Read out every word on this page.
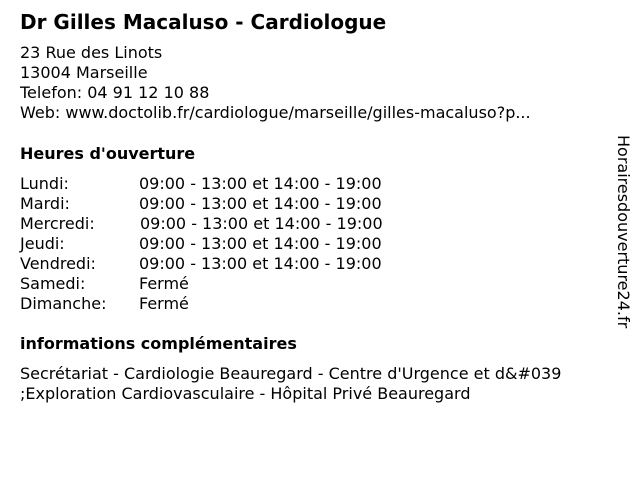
Dr Gilles Macaluso - Cardiologue
23 Rue des Linots
13004 Marseille
Telefon: 04 91 12 10 88
Web: www.doctolib.fr/cardiologue/marseille/gilles-macaluso?p...
Heures d'ouverture
Lundi:	09:00 - 13:00 et 14:00 - 19:00
Mardi:	09:00 - 13:00 et 14:00 - 19:00
Mercredi:	09:00 - 13:00 et 14:00 - 19:00
Jeudi:	09:00 - 13:00 et 14:00 - 19:00
Vendredi:	09:00 - 13:00 et 14:00 - 19:00
Samedi:	Fermé
Dimanche: Fermé
informations complémentaires
Secrétariat - Cardiologie Beauregard - Centre d'Urgence et d&#039
;Exploration Cardiovasculaire - Hôpital Privé Beauregard
Horairesdouverture24.fr
